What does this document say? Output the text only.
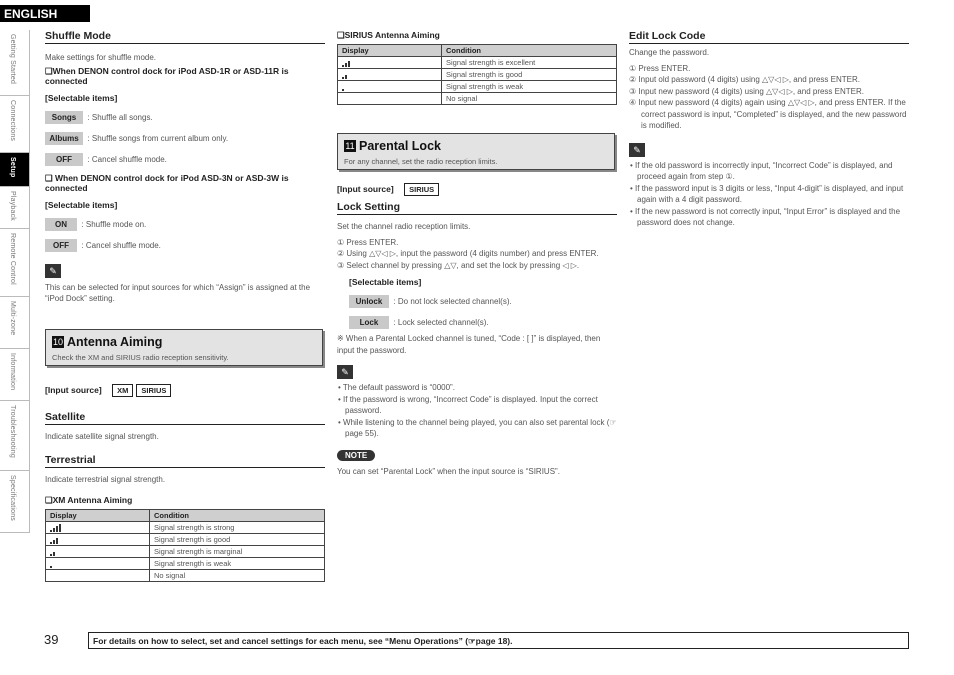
ENGLISH
Getting Started
Connections
Setup
Playback
Remote Control
Multi-zone
Information
Troubleshooting
Specifications
Shuffle Mode
Make settings for shuffle mode.
❑When DENON control dock for iPod ASD-1R or ASD-11R is connected
[Selectable items]
Songs : Shuffle all songs.
Albums : Shuffle songs from current album only.
OFF : Cancel shuffle mode.
❑ When DENON control dock for iPod ASD-3N or ASD-3W is connected
[Selectable items]
ON : Shuffle mode on.
OFF : Cancel shuffle mode.
✎
This can be selected for input sources for which “Assign” is assigned at the “iPod Dock” setting.
10 Antenna Aiming
Check the XM and SIRIUS radio reception sensitivity.
[Input source] XM SIRIUS
Satellite
Indicate satellite signal strength.
Terrestrial
Indicate terrestrial signal strength.
❑XM Antenna Aiming
Display	Condition
	Signal strength is strong
	Signal strength is good
	Signal strength is marginal
	Signal strength is weak
	No signal
❑SIRIUS Antenna Aiming
Display	Condition
	Signal strength is excellent
	Signal strength is good
	Signal strength is weak
	No signal
11 Parental Lock
For any channel, set the radio reception limits.
[Input source] SIRIUS
Lock Setting
Set the channel radio reception limits.
① Press ENTER.
② Using △▽◁ ▷, input the password (4 digits number) and press ENTER.
③ Select channel by pressing △▽, and set the lock by pressing ◁ ▷.
[Selectable items]
Unlock : Do not lock selected channel(s).
Lock : Lock selected channel(s).
※ When a Parental Locked channel is tuned, “Code : [ ]” is displayed, then input the password.
✎
• The default password is “0000”.
• If the password is wrong, “Incorrect Code” is displayed. Input the correct password.
• While listening to the channel being played, you can also set parental lock (☞page 55).
NOTE
You can set “Parental Lock” when the input source is “SIRIUS”.
Edit Lock Code
Change the password.
① Press ENTER.
② Input old password (4 digits) using △▽◁ ▷, and press ENTER.
③ Input new password (4 digits) using △▽◁ ▷, and press ENTER.
④ Input new password (4 digits) again using △▽◁ ▷, and press ENTER. If the correct password is input, “Completed” is displayed, and the new password is modified.
✎
• If the old password is incorrectly input, “Incorrect Code” is displayed, and proceed again from step ①.
• If the password input is 3 digits or less, “Input 4-digit” is displayed, and input again with a 4 digit password.
• If the new password is not correctly input, “Input Error” is displayed and the password does not change.
39	For details on how to select, set and cancel settings for each menu, see “Menu Operations” (☞page 18).
